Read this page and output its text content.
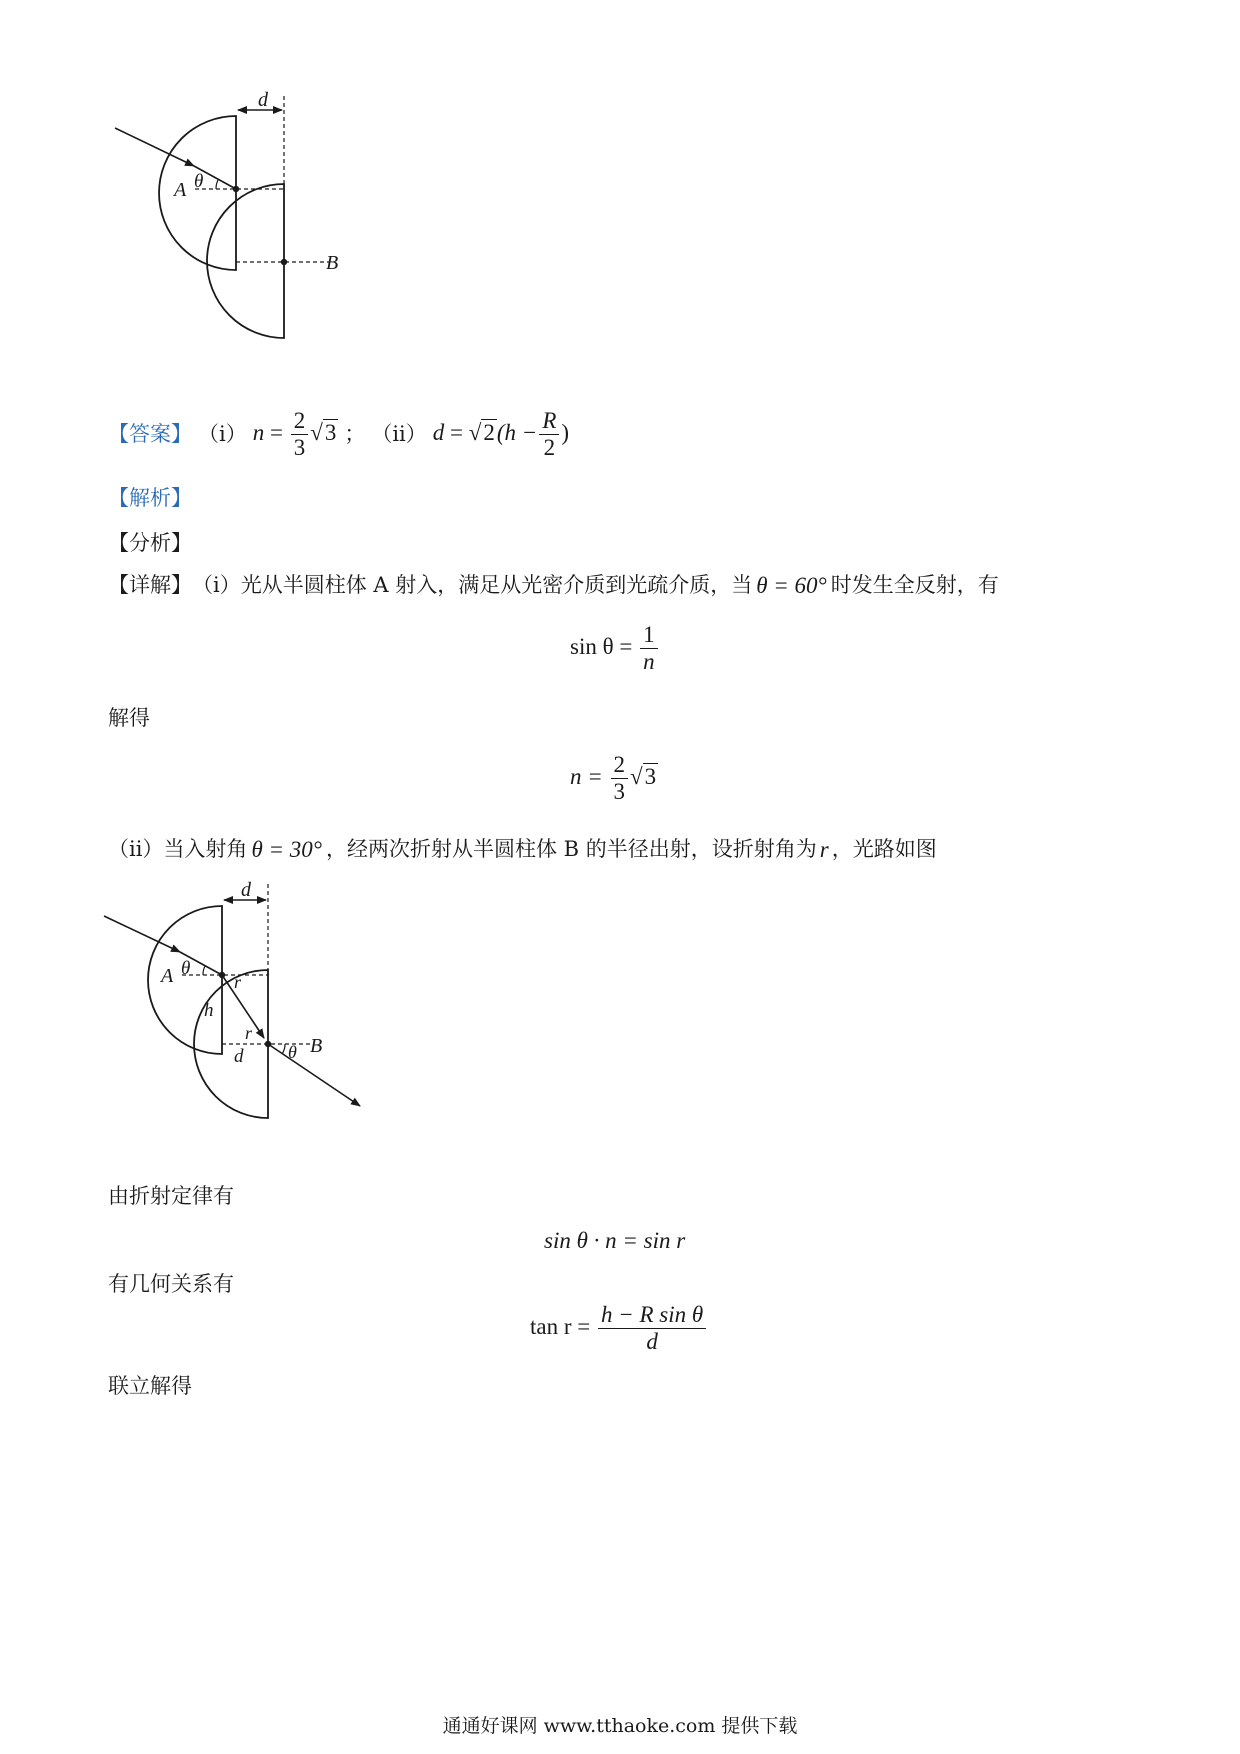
d
θ
A
B
【答案】 （i） $n = \frac{2}{3} √3$ ； （ii） $d = √2(h - \frac{R}{2}$ )
【解析】
【分析】
【详解】 （i） 光从半圆柱体 A 射入，满足从光密介质到光疏介质，当 θ = 60° 时发生全反射，有
$\sin \theta = \frac{1}{n}$
解得
$n = \frac{2}{3} √3$
（ii） 当入射角 θ = 30° ，经两次折射从半圆柱体 B 的半径出射，设折射角为 r ，光路如图
d
θ
A	r
h
r
d θ B
由折射定律有
sin θ · n = sin r
有几何关系有
$\tan r = \frac{\text{h − R sin θ}}{d}$
联立解得
通通好课网 www.tthaoke.com 提供下载
